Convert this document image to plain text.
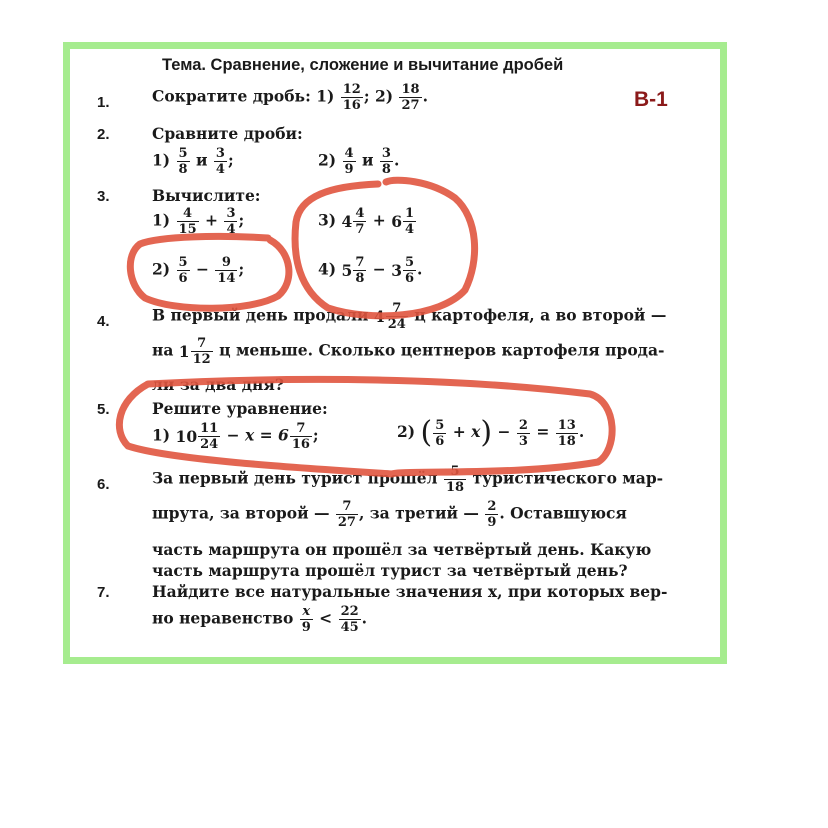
Тема. Сравнение, сложение и вычитание дробей
В-1
1.	Сократите дробь: $1) \frac{12}{16}$ ; $2) \frac{18}{27}$ .
2.	Сравните дроби:
$1) \frac{5}{8}$ и $\frac{3}{4}$ ;	$2) \frac{4}{9}$ и $\frac{3}{8}$ .
3.	Вычислите:
$1) \frac{4}{15} + \frac{3}{4}$ ;
$2) \frac{5}{6} - \frac{9}{14}$ ;
3) $4 \frac{4}{7} + 6 \frac{1}{4}$
4) $5 \frac{7}{8} - 3 \frac{5}{6}$ .
4.	В первый день продали $4 \frac{7}{24}$ ц картофеля, а во второй —
на $1 \frac{7}{12}$ ц меньше. Сколько центнеров картофеля прода-
ли за два дня?
5.	Решите уравнение:
1) $10 \frac{11}{24} - x = 6 \frac{7}{16}$ ;	2) ( $\frac{5}{6} + x) - \frac{2}{3} = \frac{13}{18}$ .
6.	За первый день турист прошёл $\frac{5}{18}$ туристического мар-
шрута, за второй — $\frac{7}{27}$ , за третий — $\frac{2}{9}$ . Оставшуюся
часть маршрута он прошёл за четвёртый день. Какую
часть маршрута прошёл турист за четвёртый день?
7.	Найдите все натуральные значения x, при которых вер-
но неравенство $\frac{x}{9} < \frac{22}{45}$ .
